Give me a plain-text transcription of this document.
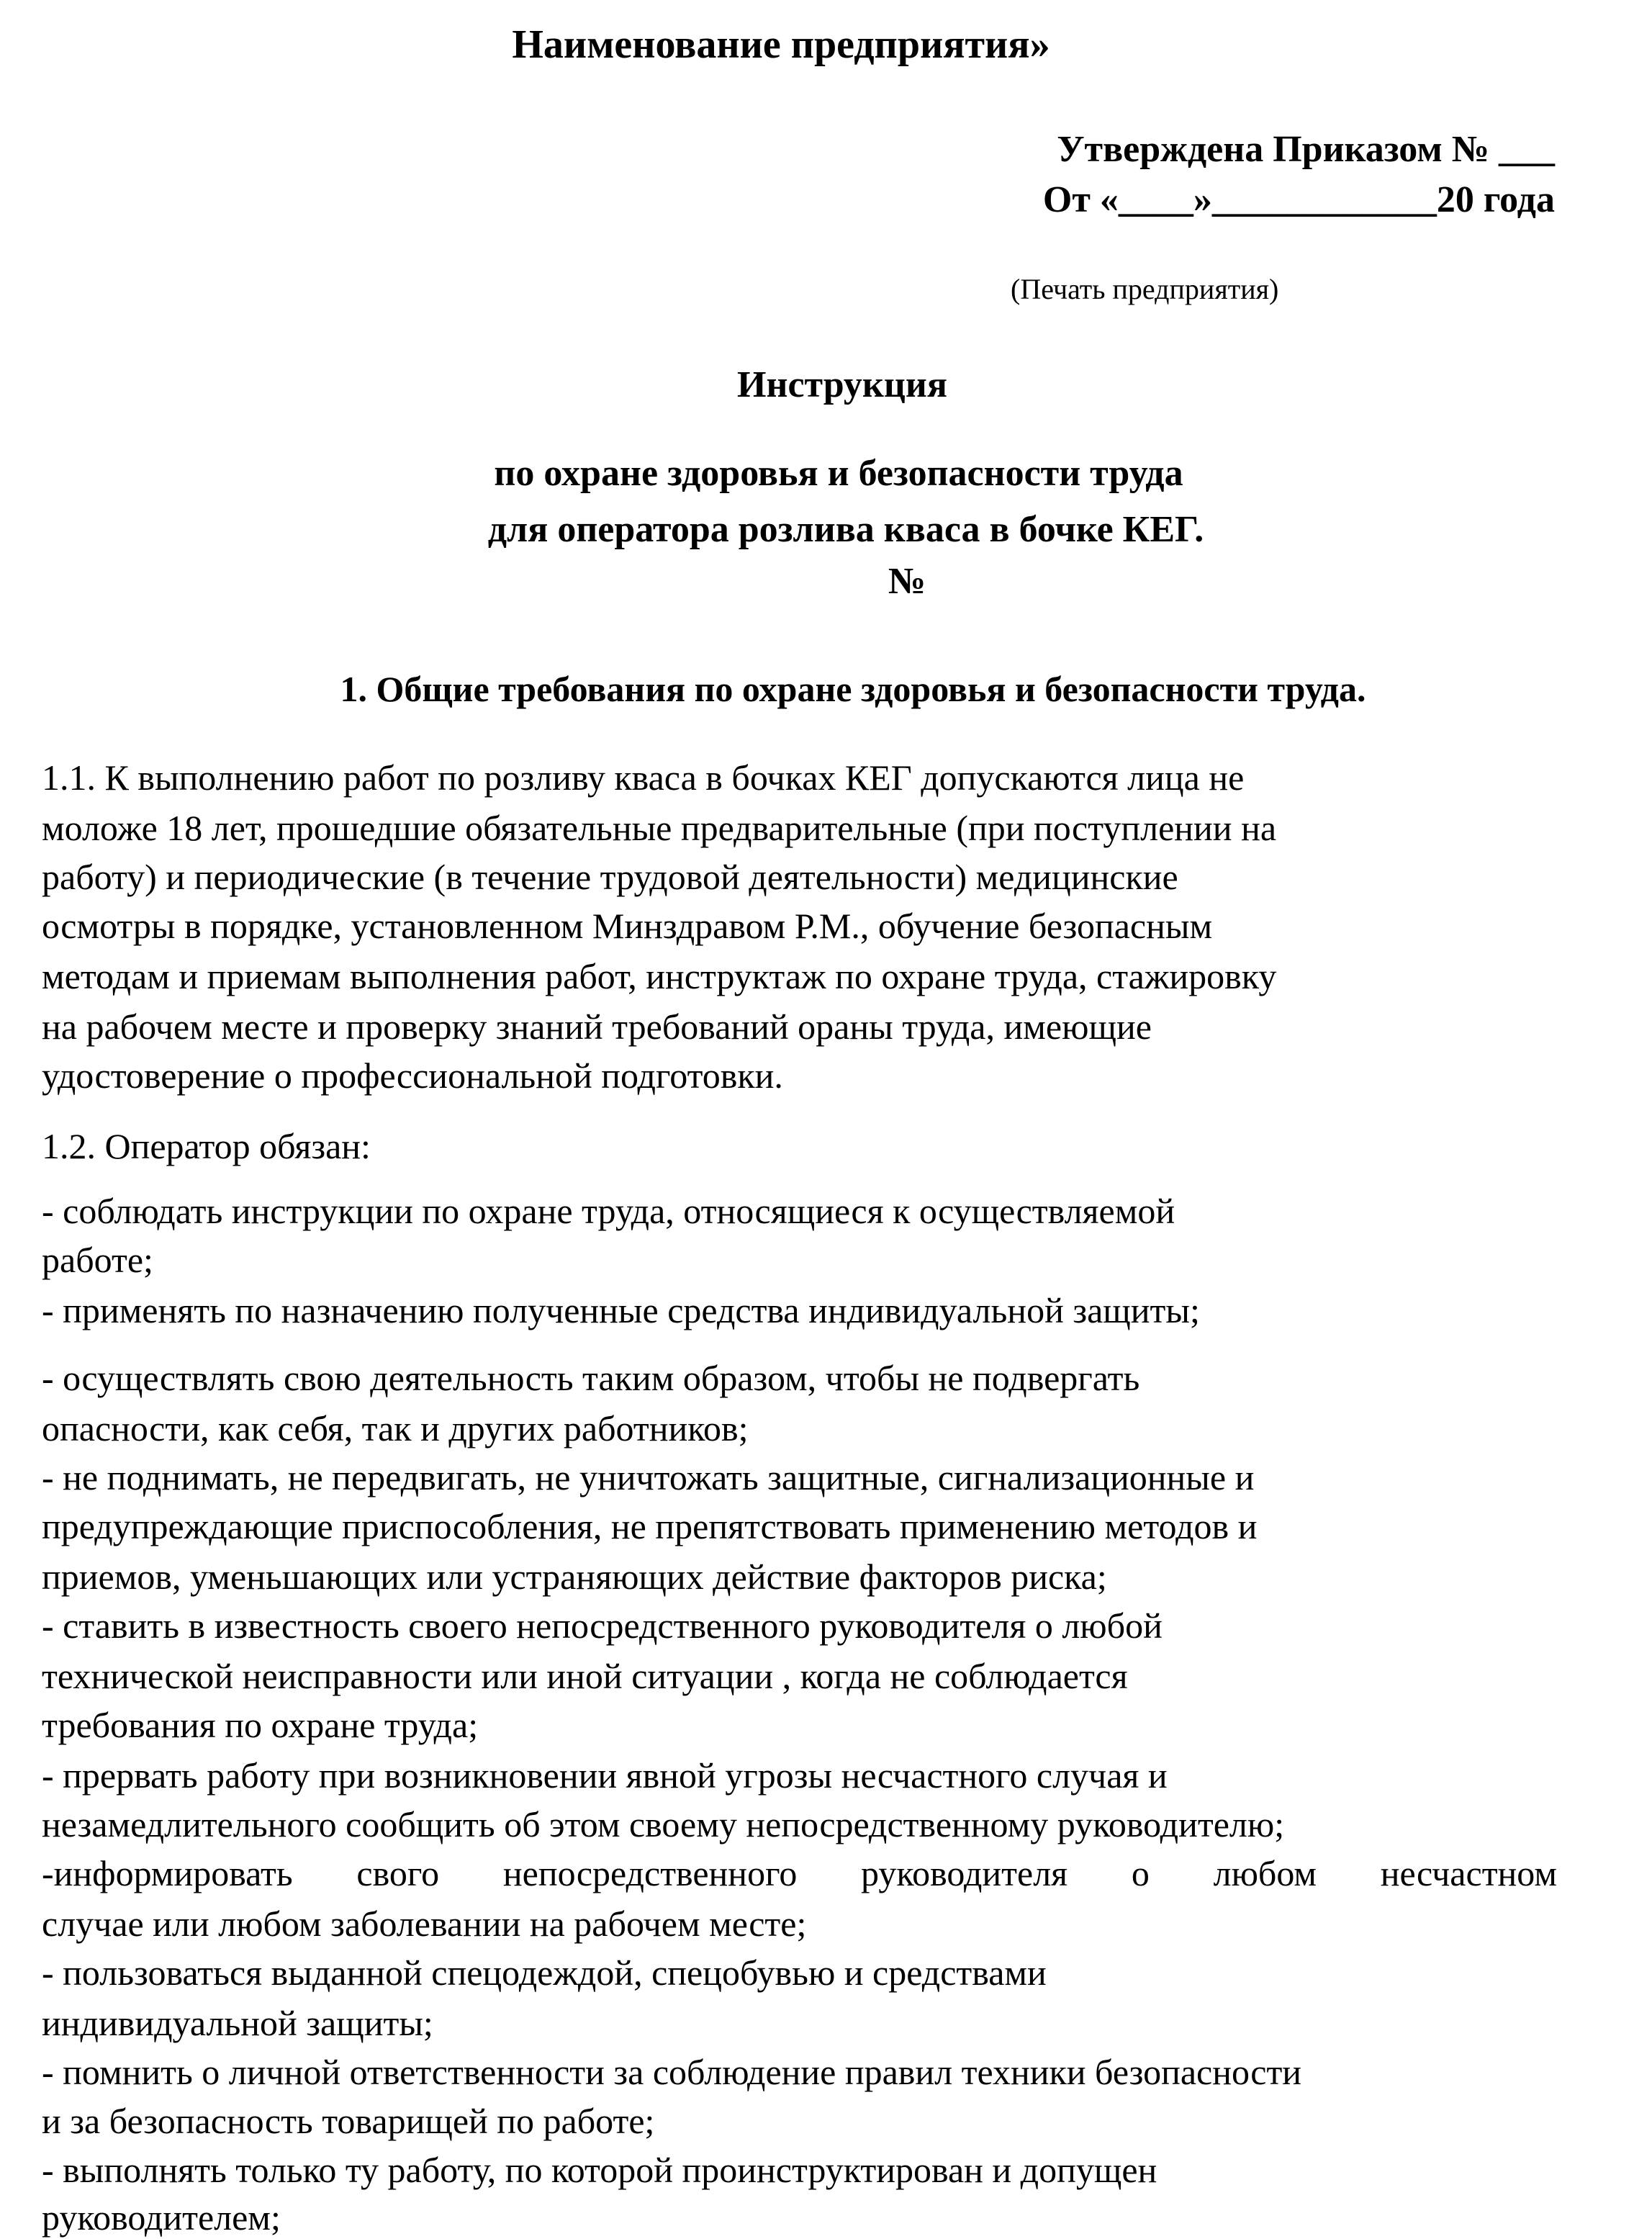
Наименование предприятия»

Утверждена Приказом № ___

От «____»____________20 года

(Печать предприятия)

Инструкция

по охране здоровья и безопасности труда

для оператора розлива кваса в бочке КЕГ.

№

1. Общие требования по охране здоровья и безопасности труда.

1.1. К выполнению работ по розливу кваса в бочках КЕГ допускаются лица не

моложе 18 лет, прошедшие обязательные предварительные (при поступлении на

работу) и периодические (в течение трудовой деятельности) медицинские

осмотры в порядке, установленном Минздравом Р.М., обучение безопасным

методам и приемам выполнения работ, инструктаж по охране труда, стажировку

на рабочем месте и проверку знаний требований ораны труда, имеющие

удостоверение о профессиональной подготовки.

1.2. Оператор обязан:

- соблюдать инструкции по охране труда, относящиеся к осуществляемой

работе;

- применять по назначению полученные средства индивидуальной защиты;

- осуществлять свою деятельность таким образом, чтобы не подвергать

опасности, как себя, так и других работников;

- не поднимать, не передвигать, не уничтожать защитные, сигнализационные и

предупреждающие приспособления, не препятствовать применению методов и

приемов, уменьшающих или устраняющих действие факторов риска;

- ставить в известность своего непосредственного руководителя о любой

технической неисправности или иной ситуации , когда не соблюдается

требования по охране труда;

- прервать работу при возникновении явной угрозы несчастного случая и

незамедлительного сообщить об этом своему непосредственному руководителю;

-информировать свого непосредственного руководителя о любом несчастном

случае или любом заболевании на рабочем месте;

- пользоваться выданной спецодеждой, спецобувью и средствами

индивидуальной защиты;

- помнить о личной ответственности за соблюдение правил техники безопасности

и за безопасность товарищей по работе;

- выполнять только ту работу, по которой проинструктирован и допущен

руководителем;
